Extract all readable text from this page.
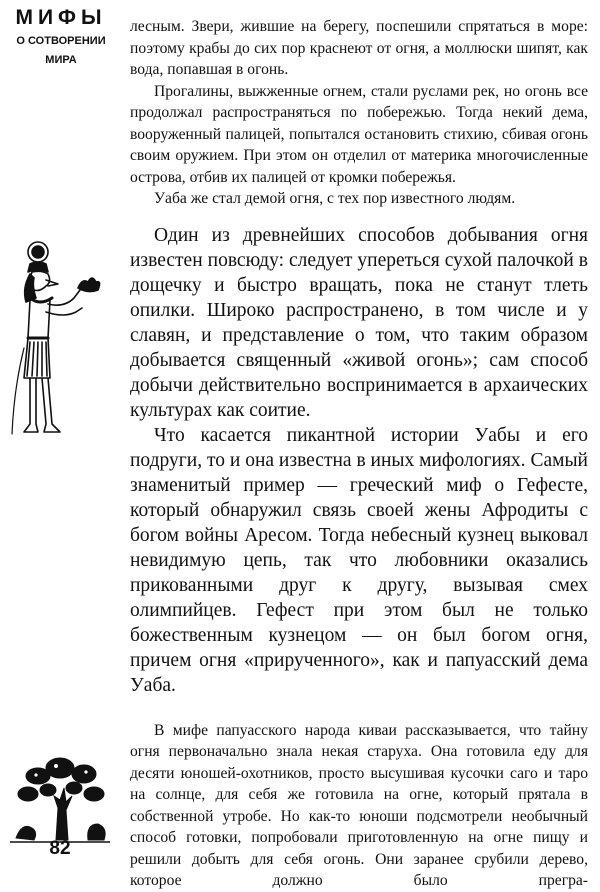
МИФЫ
О СОТВОРЕНИИ
МИРА
82

лесным. Звери, жившие на берегу, поспешили спрятаться в море: поэтому крабы до сих пор краснеют от огня, а моллюски шипят, как вода, попавшая в огонь.

Прогалины, выжженные огнем, стали руслами рек, но огонь все продолжал распространяться по побережью. Тогда некий дема, вооруженный палицей, попытался остановить стихию, сбивая огонь своим оружием. При этом он отделил от материка многочисленные острова, отбив их палицей от кромки побережья.

Уаба же стал демой огня, с тех пор известного людям.

Один из древнейших способов добывания огня известен повсюду: следует упереться сухой палочкой в дощечку и быстро вращать, пока не станут тлеть опилки. Широко распространено, в том числе и у славян, и представление о том, что таким образом добывается священный «живой огонь»; сам способ добычи действительно воспринимается в архаических культурах как соитие.

Что касается пикантной истории Уабы и его подруги, то и она известна в иных мифологиях. Самый знаменитый пример — греческий миф о Гефесте, который обнаружил связь своей жены Афродиты с богом войны Аресом. Тогда небесный кузнец выковал невидимую цепь, так что любовники оказались прикованными друг к другу, вызывая смех олимпийцев. Гефест при этом был не только божественным кузнецом — он был богом огня, причем огня «прирученного», как и папуасский дема Уаба.

В мифе папуасского народа киваи рассказывается, что тайну огня первоначально знала некая старуха. Она готовила еду для десяти юношей-охотников, просто высушивая кусочки саго и таро на солнце, для себя же готовила на огне, который прятала в собственной утробе. Но как-то юноши подсмотрели необычный способ готовки, попробовали приготовленную на огне пищу и решили добыть для себя огонь. Они заранее срубили дерево, которое должно было прегра-
